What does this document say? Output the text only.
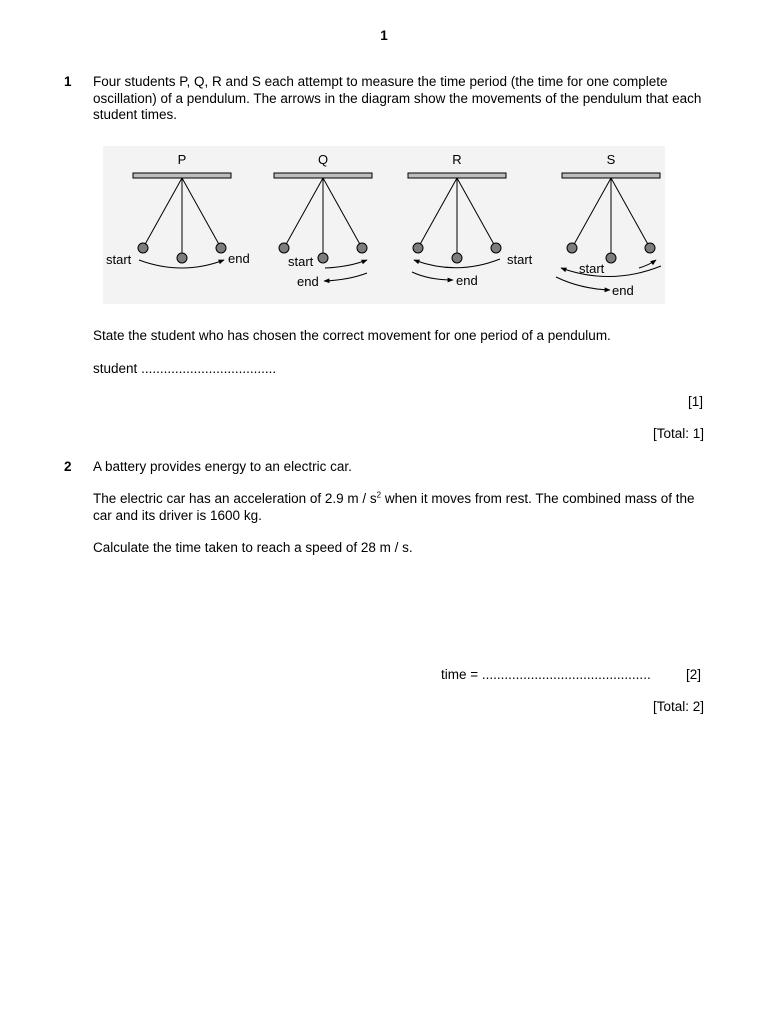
1
1 Four students P, Q, R and S each attempt to measure the time period (the time for one complete oscillation) of a pendulum. The arrows in the diagram show the movements of the pendulum that each student times.
P
start	end
Q
start
end
R
start
end
S
start
end
State the student who has chosen the correct movement for one period of a pendulum.
student ....................................
[1]
[Total: 1]
2 A battery provides energy to an electric car.
The electric car has an acceleration of 2.9 m / $s^2$ when it moves from rest. The combined mass of the car and its driver is 1600 kg.
Calculate the time taken to reach a speed of 28 m / s.
time = .............................................	[2]
[Total: 2]
